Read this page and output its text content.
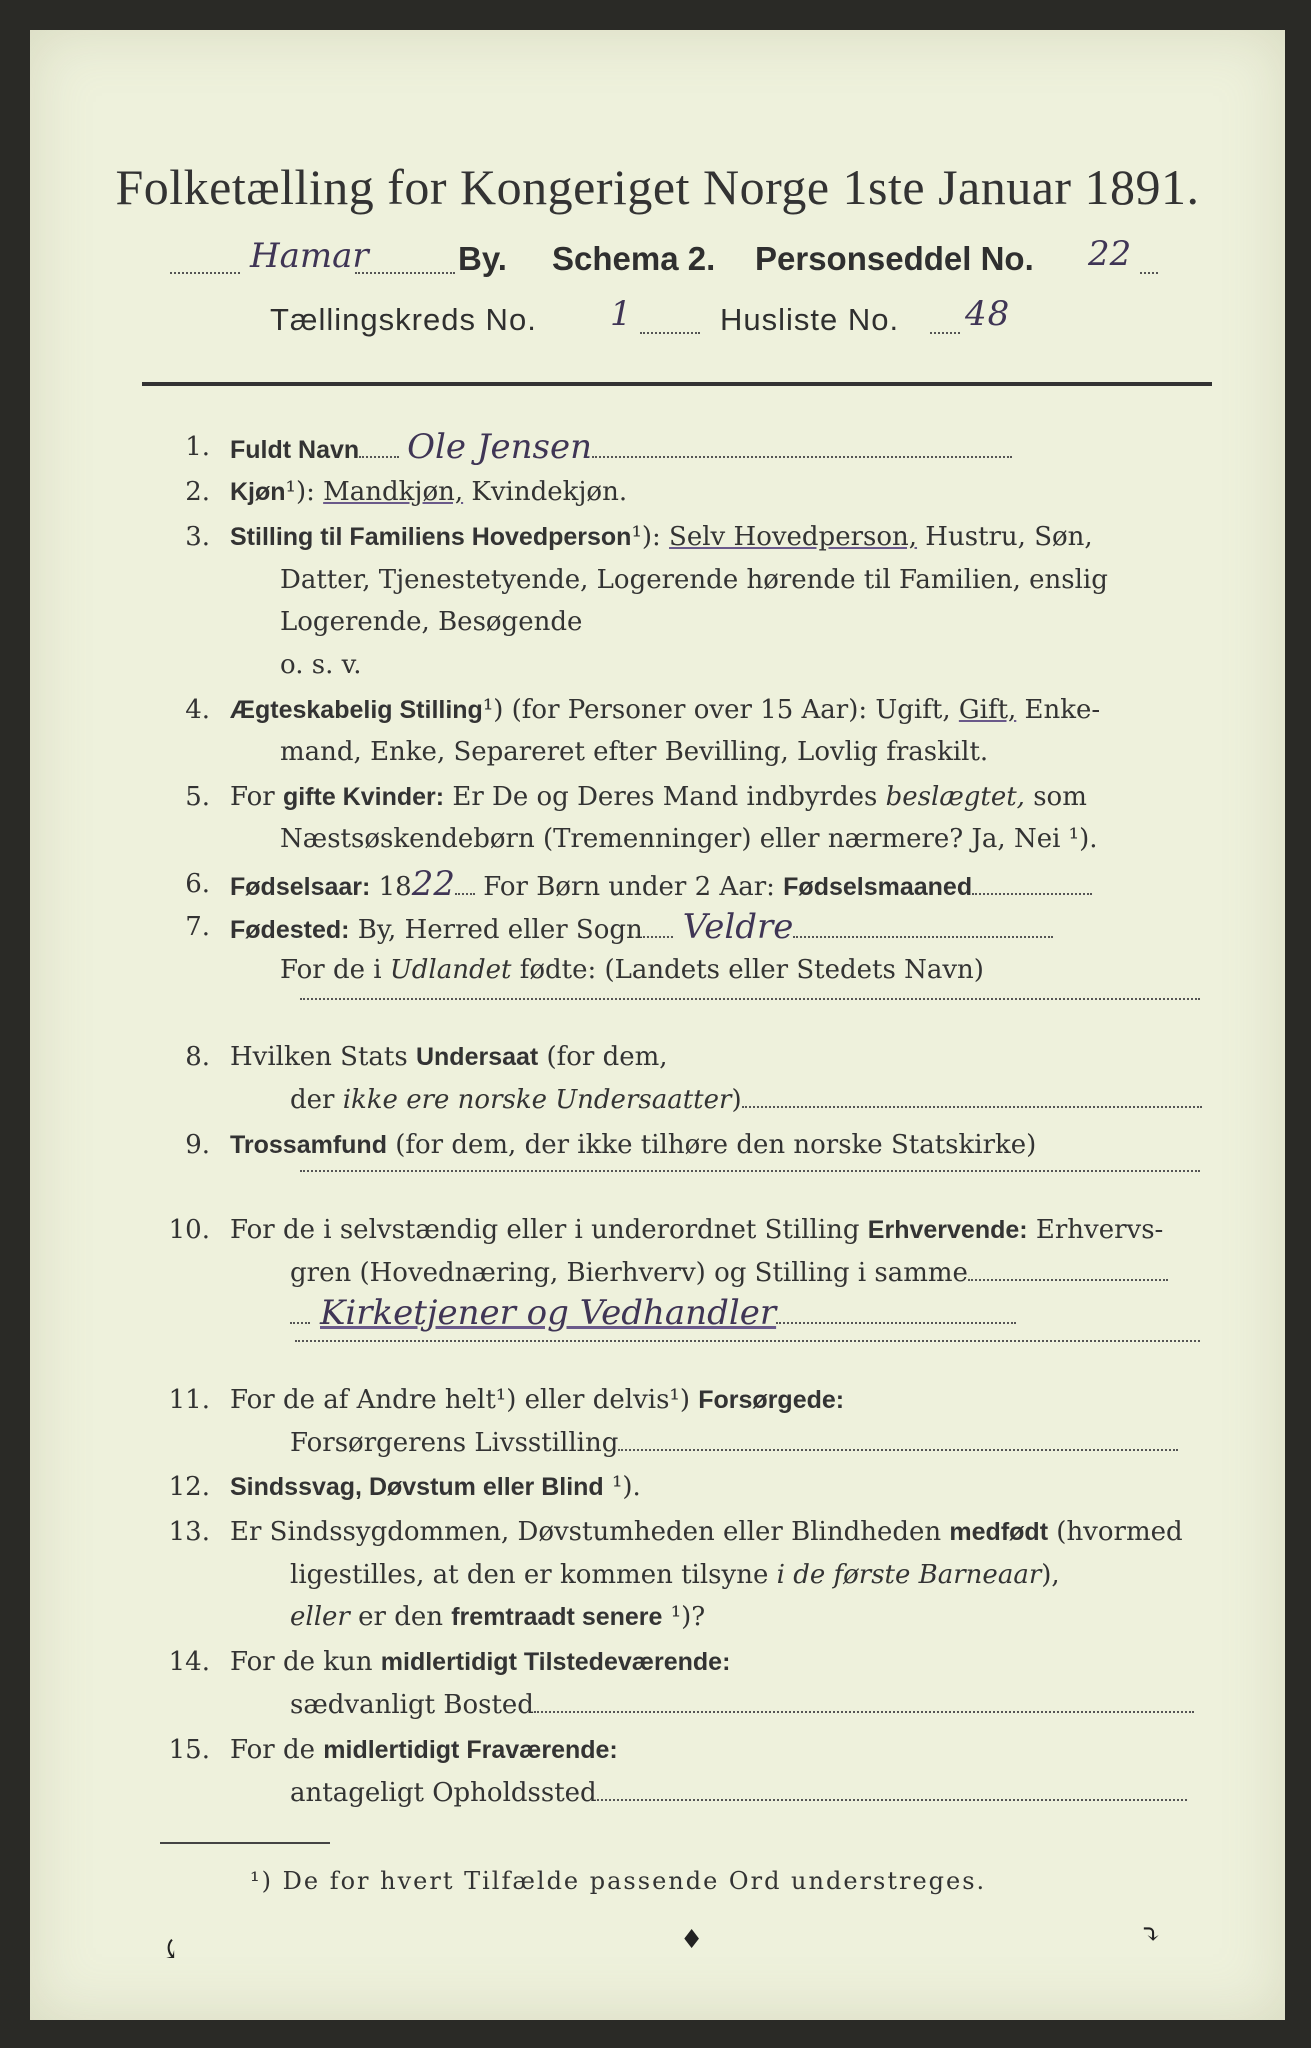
Folketælling for Kongeriget Norge 1ste Januar 1891.
Hamar	By. Schema 2. Personseddel No. 22
Tællingskreds No. 1	Husliste No. 48
1. Fuldt Navn Ole Jensen
2. Kjøn¹): Mandkjøn, Kvindekjøn.
3. Stilling til Familiens Hovedperson¹): Selv Hovedperson, Hustru, Søn,
Datter, Tjenestetyende, Logerende hørende til Familien, enslig
Logerende, Besøgende
o. s. v.
4. Ægteskabelig Stilling¹) (for Personer over 15 Aar): Ugift, Gift, Enke-
mand, Enke, Separeret efter Bevilling, Lovlig fraskilt.
5. For gifte Kvinder: Er De og Deres Mand indbyrdes beslægtet, som
Næstsøskendebørn (Tremenninger) eller nærmere? Ja, Nei ¹).
6. Fødselsaar: 1822 For Børn under 2 Aar: Fødselsmaaned
7. Fødested: By, Herred eller Sogn Veldre
For de i Udlandet fødte: (Landets eller Stedets Navn)
8. Hvilken Stats Undersaat (for dem,
der ikke ere norske Undersaatter)
9. Trossamfund (for dem, der ikke tilhøre den norske Statskirke)
10. For de i selvstændig eller i underordnet Stilling Erhvervende: Erhvervs-
gren (Hovednæring, Bierhverv) og Stilling i samme
Kirketjener og Vedhandler
11. For de af Andre helt¹) eller delvis¹) Forsørgede:
Forsørgerens Livsstilling
12. Sindssvag, Døvstum eller Blind ¹).
13. Er Sindssygdommen, Døvstumheden eller Blindheden medfødt (hvormed
ligestilles, at den er kommen tilsyne i de første Barneaar),
eller er den fremtraadt senere ¹)?
14. For de kun midlertidigt Tilstedeværende:
sædvanligt Bosted
15. For de midlertidigt Fraværende:
antageligt Opholdssted
¹) De for hvert Tilfælde passende Ord understreges.
⤹	♦	⤵
